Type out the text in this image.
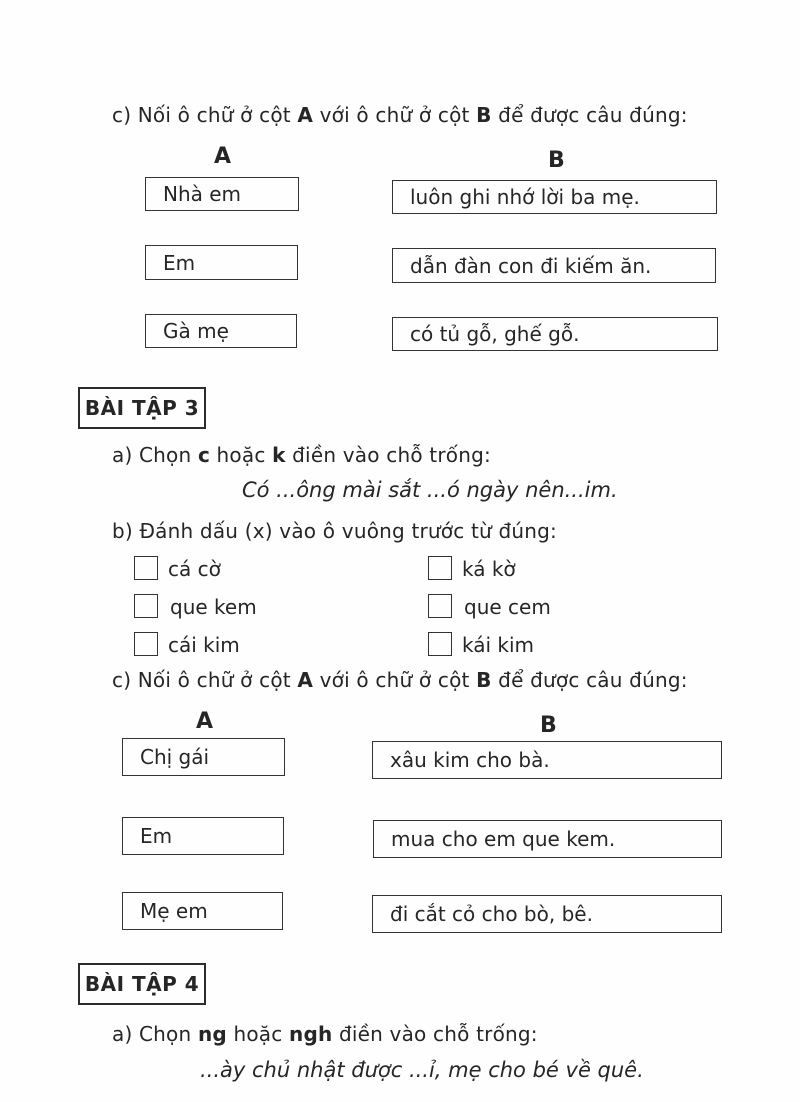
c) Nối ô chữ ở cột A với ô chữ ở cột B để được câu đúng:
A	B
Nhà em	luôn ghi nhớ lời ba mẹ.
Em	dẫn đàn con đi kiếm ăn.
Gà mẹ	có tủ gỗ, ghế gỗ.
BÀI TẬP 3
a) Chọn c hoặc k điền vào chỗ trống:
Có ...ông mài sắt ...ó ngày nên...im.
b) Đánh dấu (x) vào ô vuông trước từ đúng:
cá cờ	ká kờ
que kem	que cem
cái kim	kái kim
c) Nối ô chữ ở cột A với ô chữ ở cột B để được câu đúng:
A	B
Chị gái	xâu kim cho bà.
Em	mua cho em que kem.
Mẹ em	đi cắt cỏ cho bò, bê.
BÀI TẬP 4
a) Chọn ng hoặc ngh điền vào chỗ trống:
...ày chủ nhật được ...ỉ, mẹ cho bé về quê.
